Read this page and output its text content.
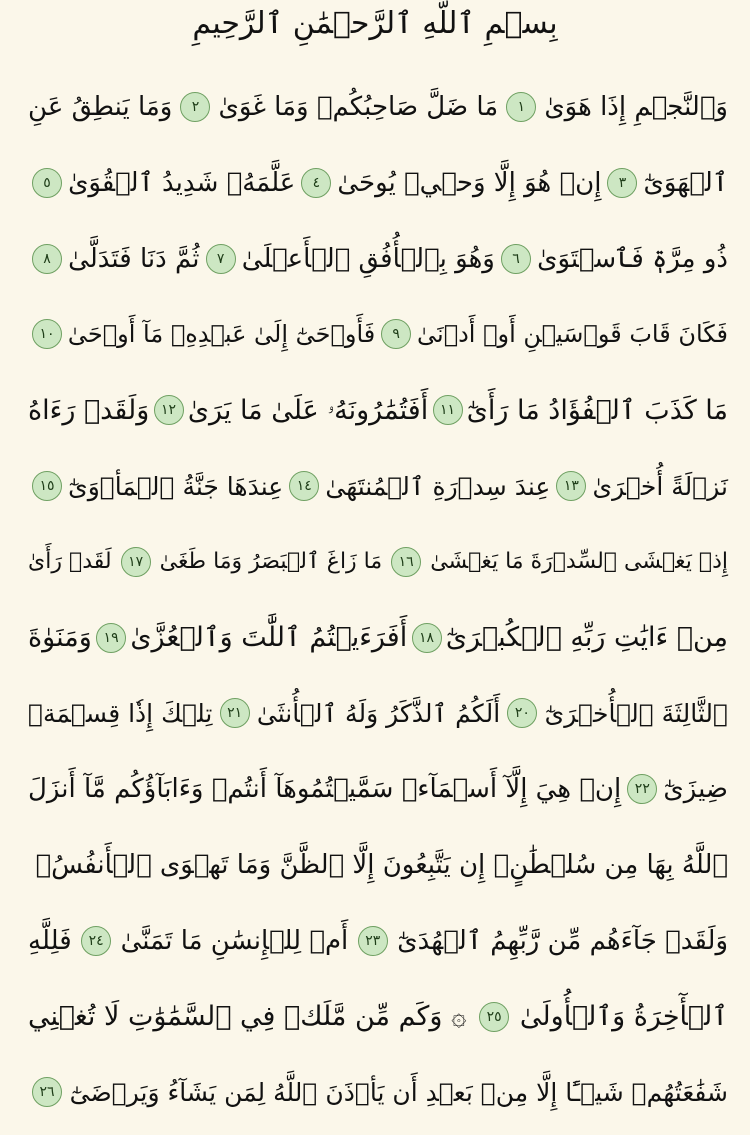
بِسۡمِ ٱللَّهِ ٱلرَّحۡمَٰنِ ٱلرَّحِيمِ
وَٱلنَّجۡمِ إِذَا هَوَىٰ
١
مَا ضَلَّ صَاحِبُكُمۡ وَمَا غَوَىٰ
٢
وَمَا يَنطِقُ عَنِ
ٱلۡهَوَىٰٓ
٣
إِنۡ هُوَ إِلَّا وَحۡيٞ يُوحَىٰ
٤
عَلَّمَهُۥ شَدِيدُ ٱلۡقُوَىٰ
٥
ذُو مِرَّةٖ فَٱسۡتَوَىٰ
٦
وَهُوَ بِٱلۡأُفُقِ ٱلۡأَعۡلَىٰ
٧
ثُمَّ دَنَا فَتَدَلَّىٰ
٨
فَكَانَ قَابَ قَوۡسَيۡنِ أَوۡ أَدۡنَىٰ
٩
فَأَوۡحَىٰٓ إِلَىٰ عَبۡدِهِۦ مَآ أَوۡحَىٰ
١٠
مَا كَذَبَ ٱلۡفُؤَادُ مَا رَأَىٰٓ
١١
أَفَتُمَٰرُونَهُۥ عَلَىٰ مَا يَرَىٰ
١٢
وَلَقَدۡ رَءَاهُ
نَزۡلَةً أُخۡرَىٰ
١٣
عِندَ سِدۡرَةِ ٱلۡمُنتَهَىٰ
١٤
عِندَهَا جَنَّةُ ٱلۡمَأۡوَىٰٓ
١٥
إِذۡ يَغۡشَى ٱلسِّدۡرَةَ مَا يَغۡشَىٰ
١٦
مَا زَاغَ ٱلۡبَصَرُ وَمَا طَغَىٰ
١٧
لَقَدۡ رَأَىٰ
مِنۡ ءَايَٰتِ رَبِّهِ ٱلۡكُبۡرَىٰٓ
١٨
أَفَرَءَيۡتُمُ ٱللَّٰتَ وَٱلۡعُزَّىٰ
١٩
وَمَنَوٰةَ
ٱلثَّالِثَةَ ٱلۡأُخۡرَىٰٓ
٢٠
أَلَكُمُ ٱلذَّكَرُ وَلَهُ ٱلۡأُنثَىٰ
٢١
تِلۡكَ إِذٗا قِسۡمَةٞ
ضِيزَىٰٓ
٢٢
إِنۡ هِيَ إِلَّآ أَسۡمَآءٞ سَمَّيۡتُمُوهَآ أَنتُمۡ وَءَابَآؤُكُم مَّآ أَنزَلَ
ٱللَّهُ بِهَا مِن سُلۡطَٰنٍۚ إِن يَتَّبِعُونَ إِلَّا ٱلظَّنَّ وَمَا تَهۡوَى ٱلۡأَنفُسُۖ
وَلَقَدۡ جَآءَهُم مِّن رَّبِّهِمُ ٱلۡهُدَىٰٓ
٢٣
أَمۡ لِلۡإِنسَٰنِ مَا تَمَنَّىٰ
٢٤
فَلِلَّهِ
ٱلۡأٓخِرَةُ وَٱلۡأُولَىٰ
٢٥
۞
وَكَم مِّن مَّلَكٖ فِي ٱلسَّمَٰوَٰتِ لَا تُغۡنِي
شَفَٰعَتُهُمۡ شَيۡـًٔا إِلَّا مِنۢ بَعۡدِ أَن يَأۡذَنَ ٱللَّهُ لِمَن يَشَآءُ وَيَرۡضَىٰٓ
٢٦
